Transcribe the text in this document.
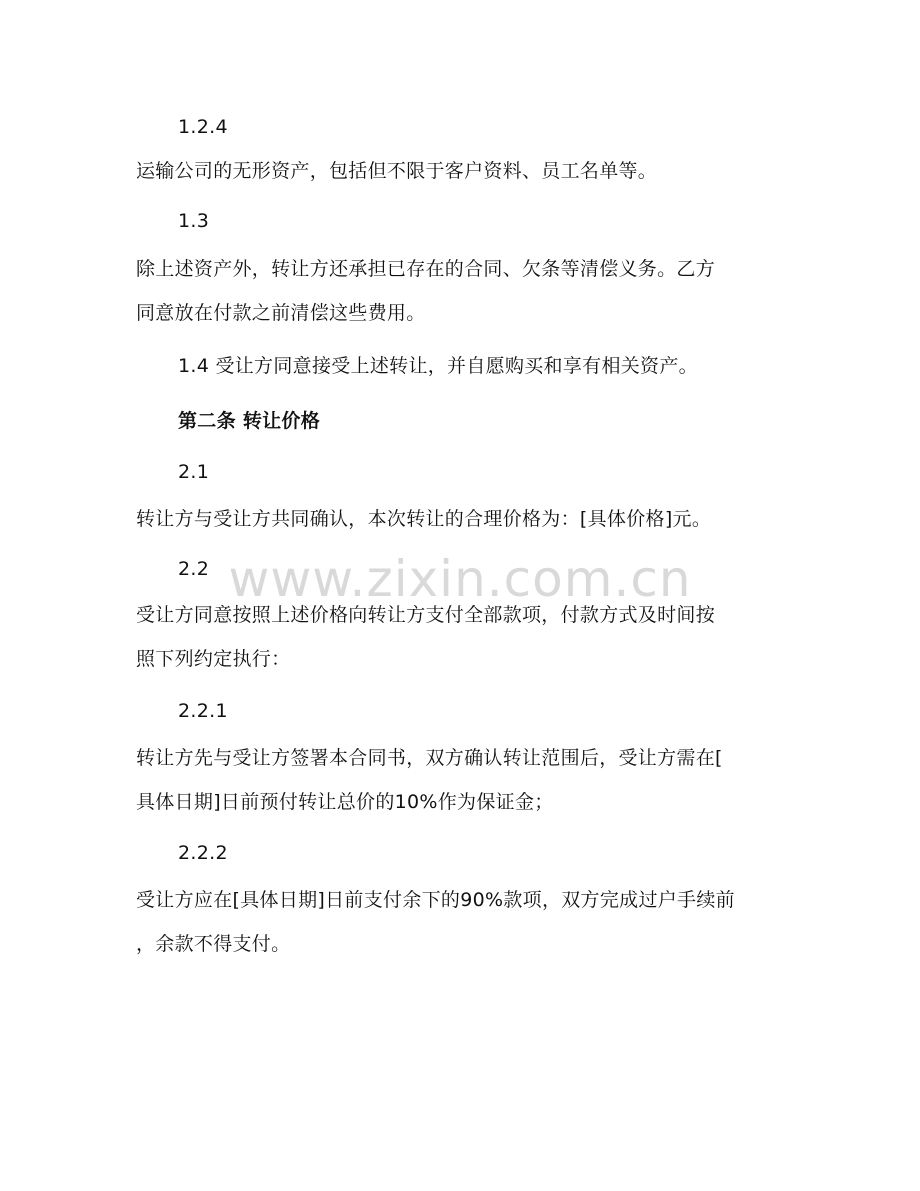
www.zixin.com.cn
1.2.4
运输公司的无形资产，包括但不限于客户资料、员工名单等。
1.3
除上述资产外，转让方还承担已存在的合同、欠条等清偿义务。乙方
同意放在付款之前清偿这些费用。
1.4 受让方同意接受上述转让，并自愿购买和享有相关资产。
第二条 转让价格
2.1
转让方与受让方共同确认，本次转让的合理价格为：[具体价格]元。
2.2
受让方同意按照上述价格向转让方支付全部款项，付款方式及时间按
照下列约定执行：
2.2.1
转让方先与受让方签署本合同书，双方确认转让范围后，受让方需在[
具体日期]日前预付转让总价的10%作为保证金；
2.2.2
受让方应在[具体日期]日前支付余下的90%款项，双方完成过户手续前
，余款不得支付。
